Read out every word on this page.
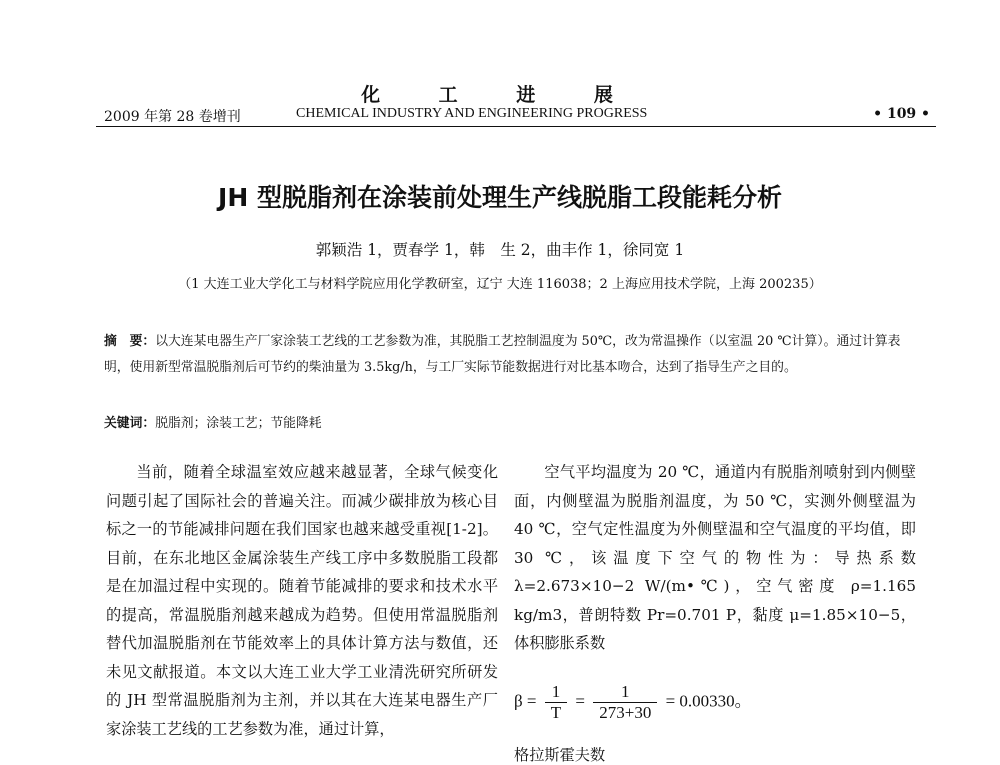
化 工 进 展
2009 年第 28 卷增刊	CHEMICAL INDUSTRY AND ENGINEERING PROGRESS	• 109 •
JH 型脱脂剂在涂装前处理生产线脱脂工段能耗分析
郭颖浩 1，贾春学 1，韩　生 2，曲丰作 1，徐同宽 1
（1 大连工业大学化工与材料学院应用化学教研室，辽宁 大连 116038；2 上海应用技术学院，上海 200235）
摘　要：以大连某电器生产厂家涂装工艺线的工艺参数为准，其脱脂工艺控制温度为 50℃，改为常温操作（以室温 20 ℃计算）。通过计算表明，使用新型常温脱脂剂后可节约的柴油量为 3.5kg/h，与工厂实际节能数据进行对比基本吻合，达到了指导生产之目的。
关键词：脱脂剂；涂装工艺；节能降耗

当前，随着全球温室效应越来越显著，全球气候变化问题引起了国际社会的普遍关注。而减少碳排放为核心目标之一的节能减排问题在我们国家也越来越受重视[1-2]。目前，在东北地区金属涂装生产线工序中多数脱脂工段都是在加温过程中实现的。随着节能减排的要求和技术水平的提高，常温脱脂剂越来越成为趋势。但使用常温脱脂剂替代加温脱脂剂在节能效率上的具体计算方法与数值，还未见文献报道。本文以大连工业大学工业清洗研究所研发的 JH 型常温脱脂剂为主剂，并以其在大连某电器生产厂家涂装工艺线的工艺参数为准，通过计算，

空气平均温度为 20 ℃，通道内有脱脂剂喷射到内侧壁面，内侧壁温为脱脂剂温度，为 50 ℃，实测外侧壁温为 40 ℃，空气定性温度为外侧壁温和空气温度的平均值，即 30 ℃，该温度下空气的物性为：导热系数 λ=2.673×10−2 W/(m•℃)，空气密度 ρ=1.165 kg/m3，普朗特数 Pr=0.701 P，黏度 μ=1.85×10−5，体积膨胀系数

$\beta = \frac{1}{T} = \frac{1}{273+30} = 0.00330$。
格拉斯霍夫数
